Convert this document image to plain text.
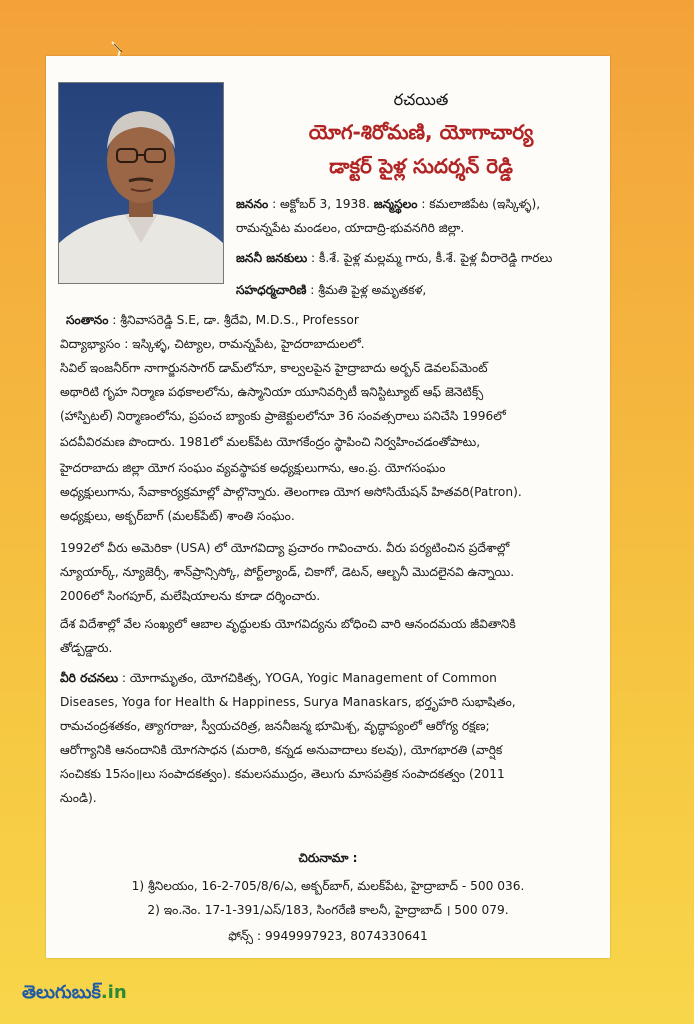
రచయిత
యోగ-శిరోమణి, యోగాచార్య
డాక్టర్ పైళ్ల సుదర్శన్ రెడ్డి
జననం : అక్టోబర్ 3, 1938. జన్మస్థలం : కమలాజిపేట (ఇస్కిళ్ళ),
రామన్నపేట మండలం, యాదాద్రి-భువనగిరి జిల్లా.
జననీ జనకులు : కీ.శే. పైళ్ల మల్లమ్మ గారు, కీ.శే. పైళ్ల వీరారెడ్డి గారలు
సహధర్మచారిణి : శ్రీమతి పైళ్ల అమృతకళ,
సంతానం : శ్రీనివాసరెడ్డి S.E, డా. శ్రీదేవి, M.D.S., Professor
విద్యాభ్యాసం : ఇస్కిళ్ళ, చిట్యాల, రామన్నపేట, హైదరాబాదులలో.
సివిల్ ఇంజనీర్‌గా నాగార్జునసాగర్ డామ్‌లోనూ, కాల్వలపైన హైద్రాబాదు అర్బన్ డెవలప్‌మెంట్
అథారిటి గృహ నిర్మాణ పథకాలలోను, ఉస్మానియా యూనివర్సిటీ ఇనిస్టిట్యూట్ ఆఫ్ జెనెటిక్స్
(హాస్పిటల్) నిర్మాణంలోను, ప్రపంచ బ్యాంకు ప్రాజెక్టులలోనూ 36 సంవత్సరాలు పనిచేసి 1996లో
పదవీవిరమణ పొందారు. 1981లో మలక్‌పేట యోగకేంద్రం స్థాపించి నిర్వహించడంతోపాటు,
హైదరాబాదు జిల్లా యోగ సంఘం వ్యవస్థాపక అధ్యక్షులుగాను, ఆం.ప్ర. యోగసంఘం
అధ్యక్షులుగాను, సేవాకార్యక్రమాల్లో పాల్గొన్నారు. తెలంగాణ యోగ అసోసియేషన్ హితవరి(Patron).
అధ్యక్షులు, అక్బర్‌బాగ్ (మలక్‌పేట్) శాంతి సంఘం.
1992లో వీరు అమెరికా (USA) లో యోగవిద్యా ప్రచారం గావించారు. వీరు పర్యటించిన ప్రదేశాల్లో
న్యూయార్క్, న్యూజెర్సీ, శాన్‌ప్రాన్సిస్కో, పోర్ట్‌ల్యాండ్, చికాగో, డెటన్, ఆల్బనీ మొదలైనవి ఉన్నాయి.
2006లో సింగపూర్, మలేషియాలను కూడా దర్శించారు.
దేశ విదేశాల్లో వేల సంఖ్యలో ఆబాల వృద్ధులకు యోగవిద్యను బోధించి వారి ఆనందమయ జీవితానికి
తోడ్పడ్డారు.
వీరి రచనలు : యోగామృతం, యోగచికిత్స, YOGA, Yogic Management of Common
Diseases, Yoga for Health & Happiness, Surya Manaskars, భర్తృహరి సుభాషితం,
రామచంద్రశతకం, త్యాగరాజు, స్వీయచరిత్ర, జననీజన్మ భూమిశ్చ, వృద్ధాప్యంలో ఆరోగ్య రక్షణ;
ఆరోగ్యానికి ఆనందానికి యోగసాధన (మరాఠి, కన్నడ అనువాదాలు కలవు), యోగభారతి (వార్షిక
సంచికకు 15సం॥లు సంపాదకత్వం). కమలసముద్రం, తెలుగు మాసపత్రిక సంపాదకత్వం (2011
నుండి).
చిరునామా :
1) శ్రీనిలయం, 16-2-705/8/6/ఎ, అక్బర్‌బాగ్, మలక్‌పేట, హైద్రాబాద్ - 500 036.
2) ఇం.నెం. 17-1-391/ఎస్/183, సింగరేణి కాలనీ, హైద్రాబాద్ । 500 079.
ఫోన్స్ : 9949997923, 8074330641
తెలుగుబుక్.in
